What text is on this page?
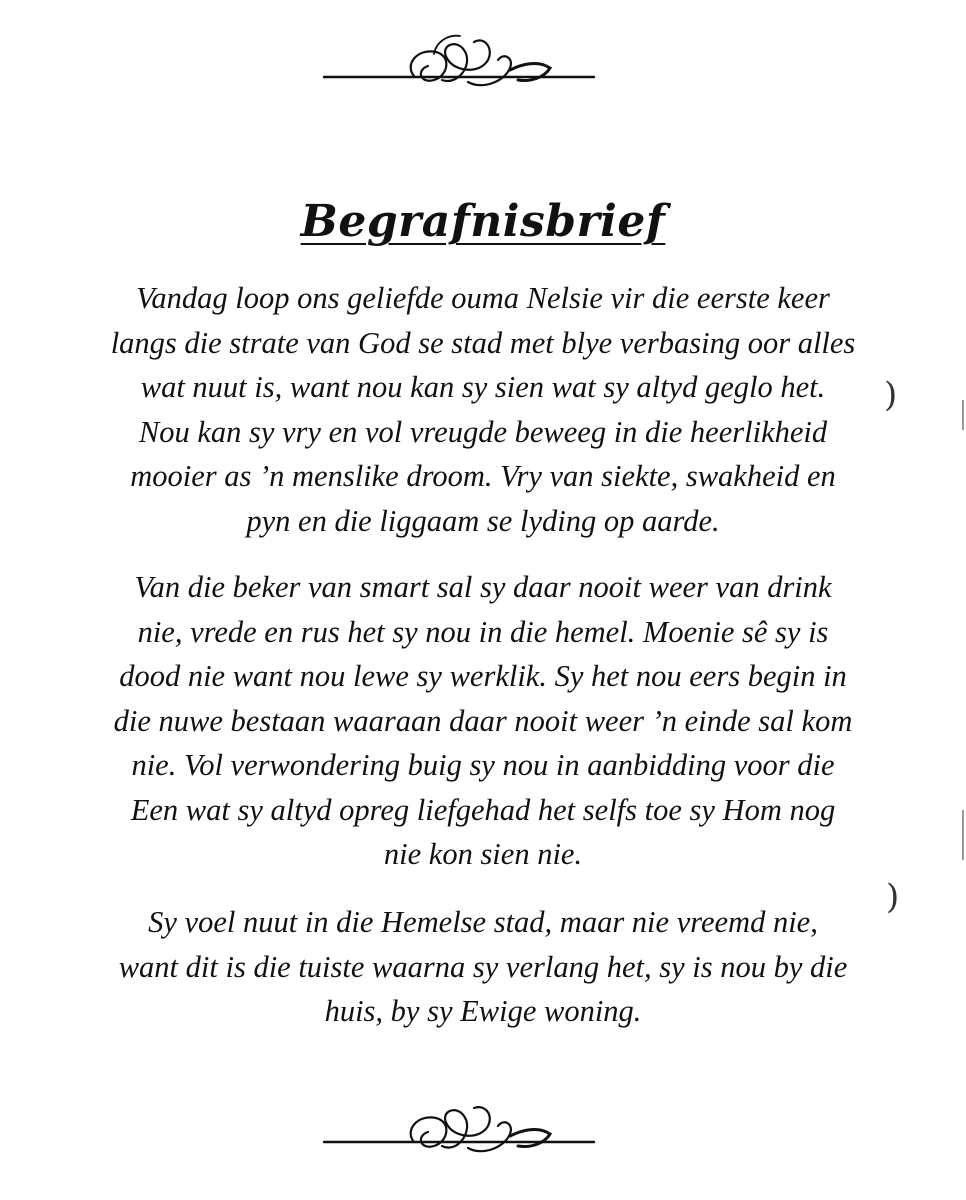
Begrafnisbrief

Vandag loop ons geliefde ouma Nelsie vir die eerste keer
langs die strate van God se stad met blye verbasing oor alles
wat nuut is, want nou kan sy sien wat sy altyd geglo het.
Nou kan sy vry en vol vreugde beweeg in die heerlikheid
mooier as ’n menslike droom. Vry van siekte, swakheid en
pyn en die liggaam se lyding op aarde.

Van die beker van smart sal sy daar nooit weer van drink
nie, vrede en rus het sy nou in die hemel. Moenie sê sy is
dood nie want nou lewe sy werklik. Sy het nou eers begin in
die nuwe bestaan waaraan daar nooit weer ’n einde sal kom
nie. Vol verwondering buig sy nou in aanbidding voor die
Een wat sy altyd opreg liefgehad het selfs toe sy Hom nog
nie kon sien nie.

Sy voel nuut in die Hemelse stad, maar nie vreemd nie,
want dit is die tuiste waarna sy verlang het, sy is nou by die
huis, by sy Ewige woning.

)
)
